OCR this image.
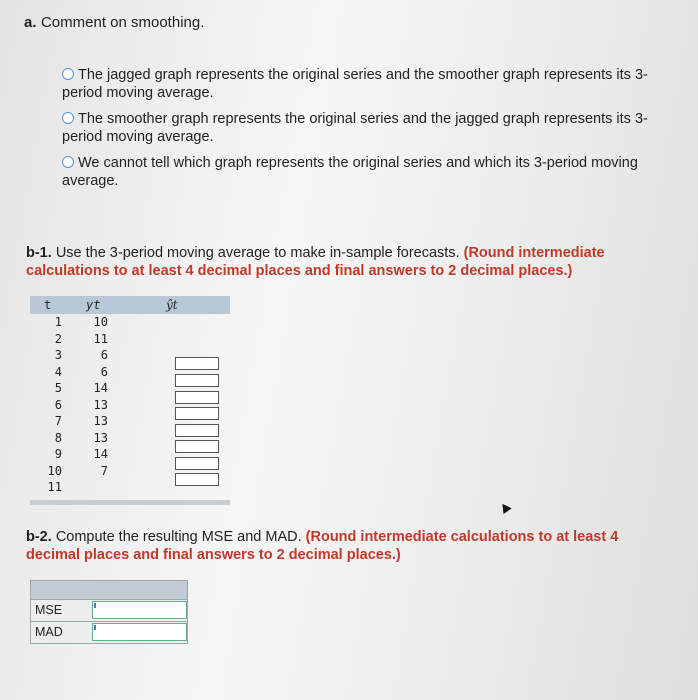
a. Comment on smoothing.
The jagged graph represents the original series and the smoother graph represents its 3-period moving average.
The smoother graph represents the original series and the jagged graph represents its 3-period moving average.
We cannot tell which graph represents the original series and which its 3-period moving average.
b-1. Use the 3-period moving average to make in-sample forecasts. (Round intermediate calculations to at least 4 decimal places and final answers to 2 decimal places.)
t	yt	ŷt
1	10
2	11
3	6
4	6
5	14
6	13
7	13
8	13
9	14
10	7
11
b-2. Compute the resulting MSE and MAD. (Round intermediate calculations to at least 4 decimal places and final answers to 2 decimal places.)
MSE
MAD
